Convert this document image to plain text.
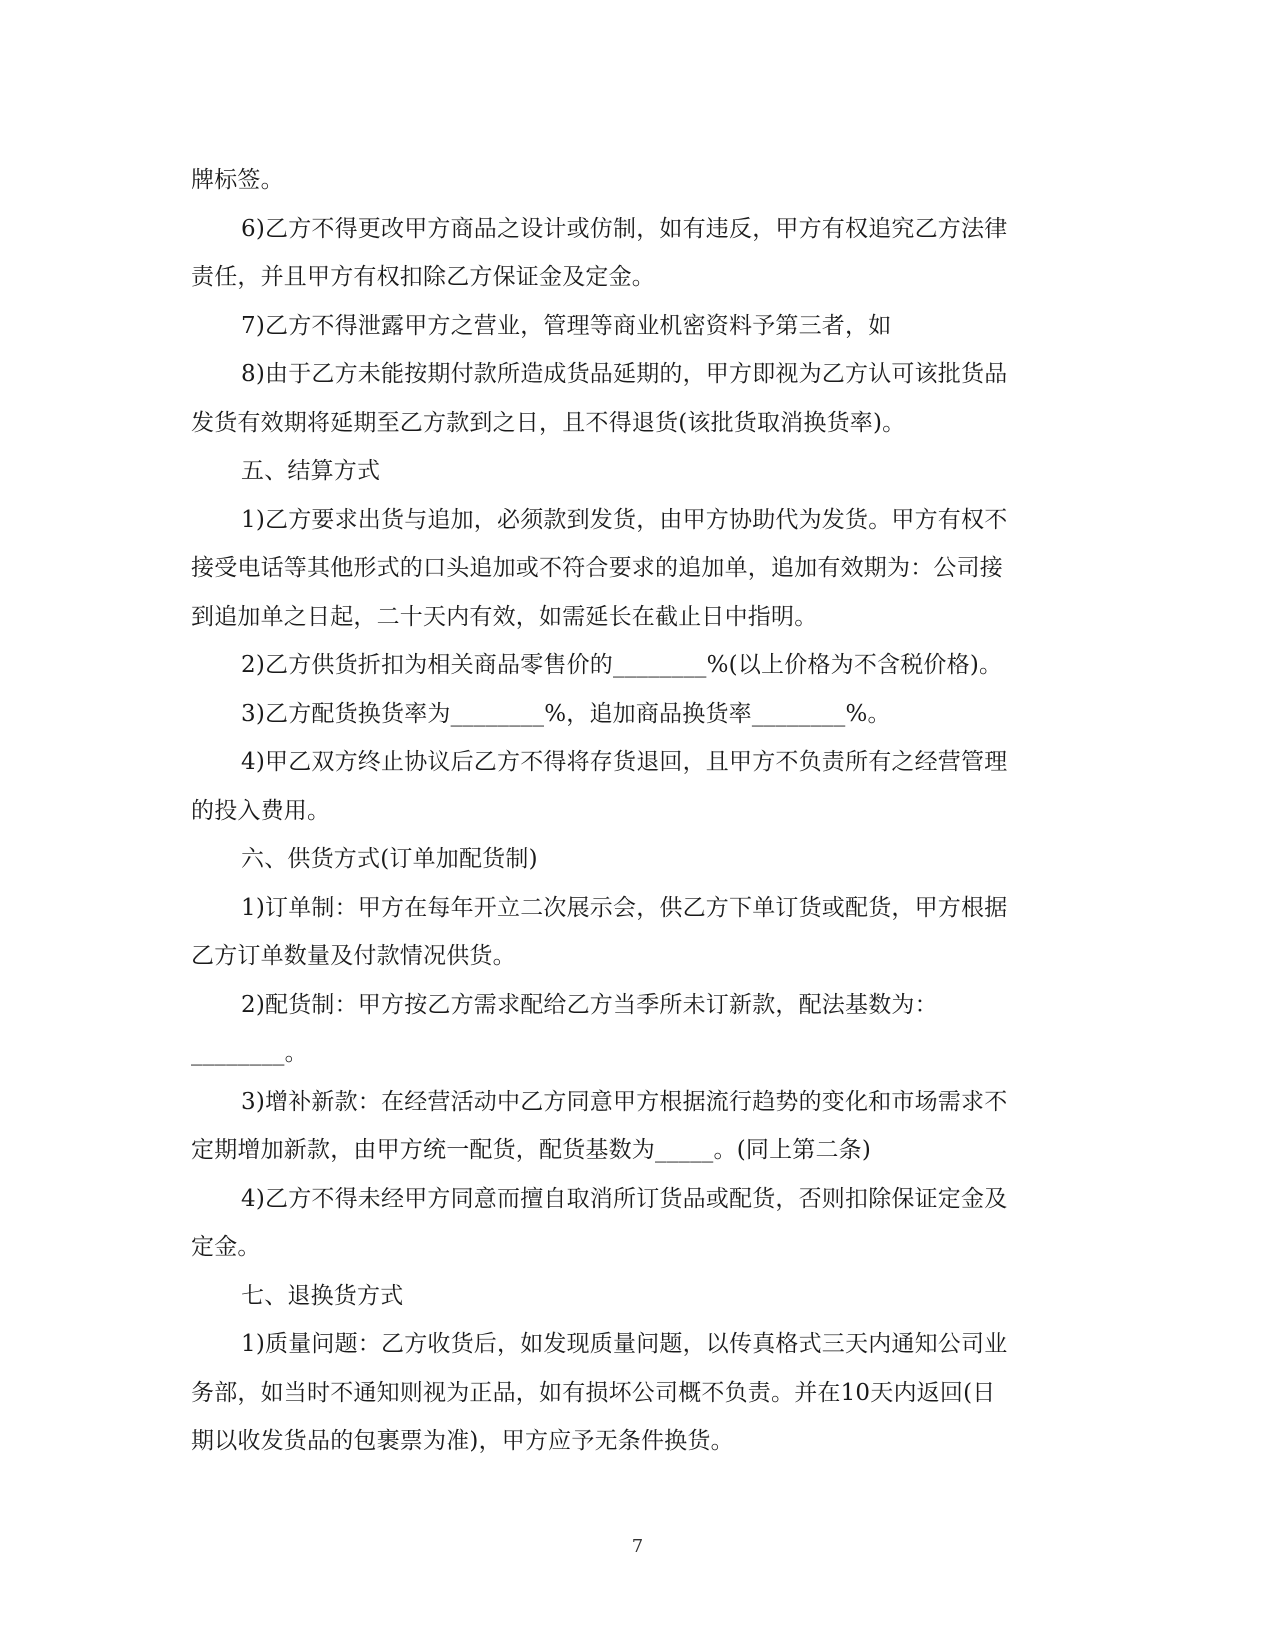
牌标签。
6)乙方不得更改甲方商品之设计或仿制，如有违反，甲方有权追究乙方法律
责任，并且甲方有权扣除乙方保证金及定金。
7)乙方不得泄露甲方之营业，管理等商业机密资料予第三者，如
8)由于乙方未能按期付款所造成货品延期的，甲方即视为乙方认可该批货品
发货有效期将延期至乙方款到之日，且不得退货(该批货取消换货率)。
五、结算方式
1)乙方要求出货与追加，必须款到发货，由甲方协助代为发货。甲方有权不
接受电话等其他形式的口头追加或不符合要求的追加单，追加有效期为：公司接
到追加单之日起，二十天内有效，如需延长在截止日中指明。
2)乙方供货折扣为相关商品零售价的________%(以上价格为不含税价格)。
3)乙方配货换货率为________%，追加商品换货率________%。
4)甲乙双方终止协议后乙方不得将存货退回，且甲方不负责所有之经营管理
的投入费用。
六、供货方式(订单加配货制)
1)订单制：甲方在每年开立二次展示会，供乙方下单订货或配货，甲方根据
乙方订单数量及付款情况供货。
2)配货制：甲方按乙方需求配给乙方当季所未订新款，配法基数为：
________。
3)增补新款：在经营活动中乙方同意甲方根据流行趋势的变化和市场需求不
定期增加新款，由甲方统一配货，配货基数为_____。(同上第二条)
4)乙方不得未经甲方同意而擅自取消所订货品或配货，否则扣除保证定金及
定金。
七、退换货方式
1)质量问题：乙方收货后，如发现质量问题，以传真格式三天内通知公司业
务部，如当时不通知则视为正品，如有损坏公司概不负责。并在10天内返回(日
期以收发货品的包裹票为准)，甲方应予无条件换货。
7
